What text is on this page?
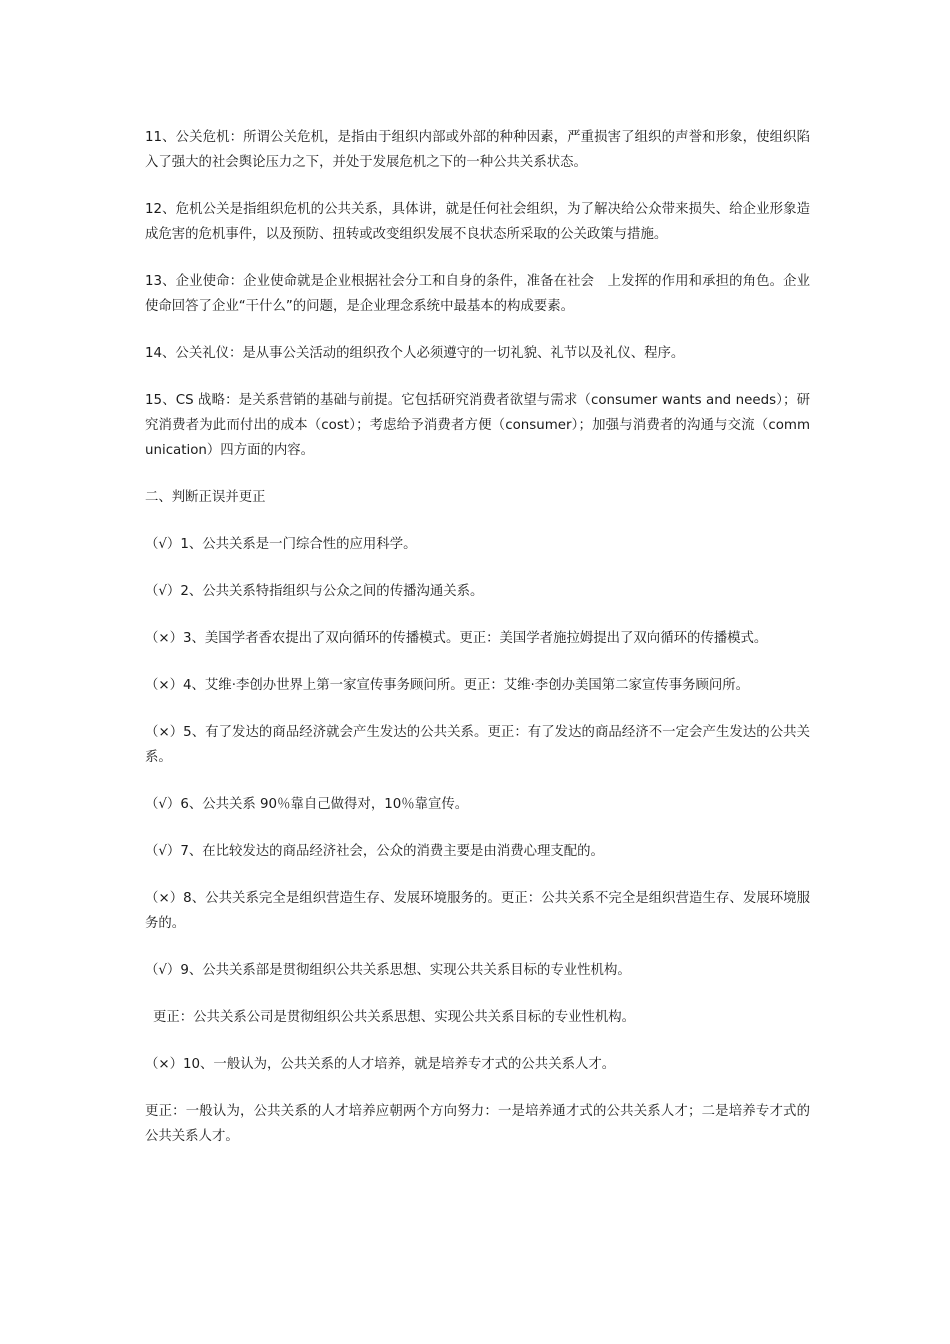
11、公关危机：所谓公关危机，是指由于组织内部或外部的种种因素，严重损害了组织的声誉和形象，使组织陷入了强大的社会舆论压力之下，并处于发展危机之下的一种公共关系状态。

12、危机公关是指组织危机的公共关系，具体讲，就是任何社会组织，为了解决给公众带来损失、给企业形象造成危害的危机事件，以及预防、扭转或改变组织发展不良状态所采取的公关政策与措施。

13、企业使命：企业使命就是企业根据社会分工和自身的条件，准备在社会　上发挥的作用和承担的角色。企业使命回答了企业“干什么”的问题，是企业理念系统中最基本的构成要素。

14、公关礼仪：是从事公关活动的组织孜个人必须遵守的一切礼貌、礼节以及礼仪、程序。

15、CS 战略：是关系营销的基础与前提。它包括研究消费者欲望与需求（consumer wants and needs）；研究消费者为此而付出的成本（cost）；考虑给予消费者方便（consumer）；加强与消费者的沟通与交流（communication）四方面的内容。

二、判断正误并更正

（√）1、公共关系是一门综合性的应用科学。

（√）2、公共关系特指组织与公众之间的传播沟通关系。

（×）3、美国学者香农提出了双向循环的传播模式。更正：美国学者施拉姆提出了双向循环的传播模式。

（×）4、艾维·李创办世界上第一家宣传事务顾问所。更正：艾维·李创办美国第二家宣传事务顾问所。

（×）5、有了发达的商品经济就会产生发达的公共关系。更正：有了发达的商品经济不一定会产生发达的公共关系。

（√）6、公共关系 90％靠自己做得对，10％靠宣传。

（√）7、在比较发达的商品经济社会，公众的消费主要是由消费心理支配的。

（×）8、公共关系完全是组织营造生存、发展环境服务的。更正：公共关系不完全是组织营造生存、发展环境服务的。

（√）9、公共关系部是贯彻组织公共关系思想、实现公共关系目标的专业性机构。

更正：公共关系公司是贯彻组织公共关系思想、实现公共关系目标的专业性机构。

（×）10、一般认为，公共关系的人才培养，就是培养专才式的公共关系人才。

更正：一般认为，公共关系的人才培养应朝两个方向努力：一是培养通才式的公共关系人才；二是培养专才式的公共关系人才。
